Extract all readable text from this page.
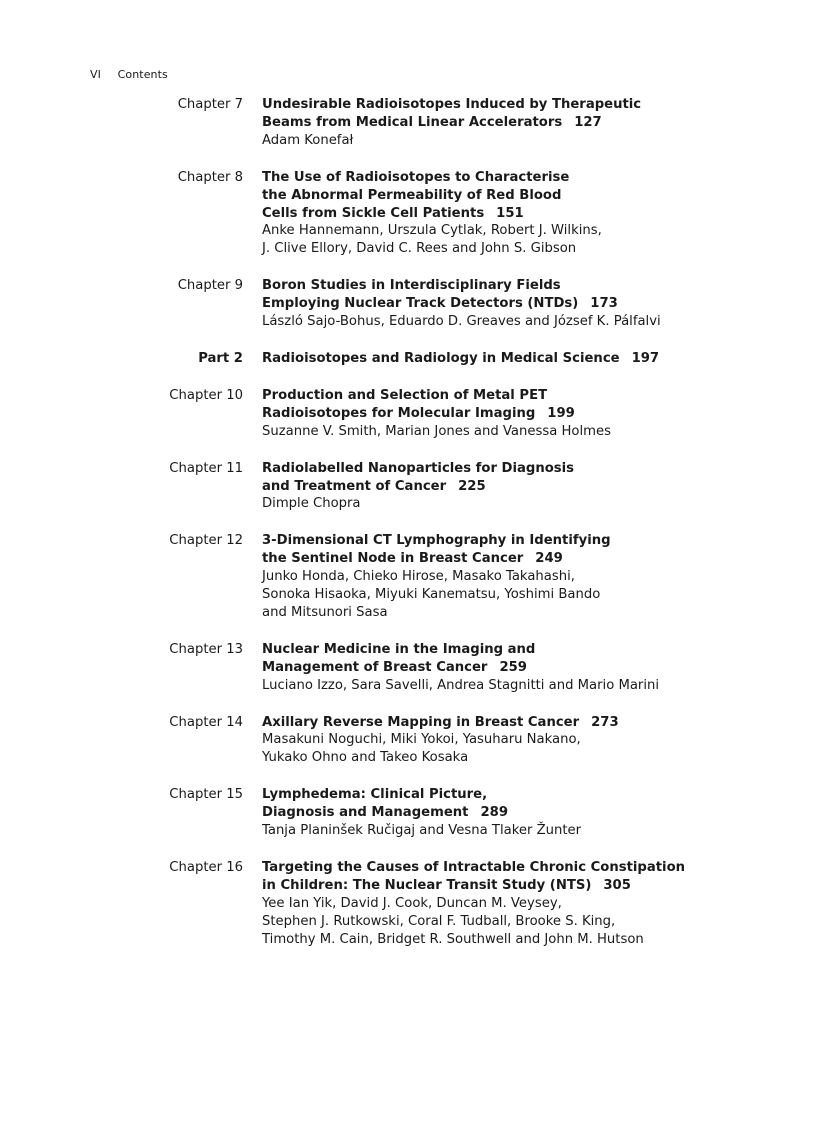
VI Contents
Chapter 7 Undesirable Radioisotopes Induced by Therapeutic
Beams from Medical Linear Accelerators 127
Adam Konefał
Chapter 8 The Use of Radioisotopes to Characterise
the Abnormal Permeability of Red Blood
Cells from Sickle Cell Patients 151
Anke Hannemann, Urszula Cytlak, Robert J. Wilkins,
J. Clive Ellory, David C. Rees and John S. Gibson
Chapter 9 Boron Studies in Interdisciplinary Fields
Employing Nuclear Track Detectors (NTDs) 173
László Sajo-Bohus, Eduardo D. Greaves and József K. Pálfalvi
Part 2 Radioisotopes and Radiology in Medical Science 197
Chapter 10 Production and Selection of Metal PET
Radioisotopes for Molecular Imaging 199
Suzanne V. Smith, Marian Jones and Vanessa Holmes
Chapter 11 Radiolabelled Nanoparticles for Diagnosis
and Treatment of Cancer 225
Dimple Chopra
Chapter 12 3-Dimensional CT Lymphography in Identifying
the Sentinel Node in Breast Cancer 249
Junko Honda, Chieko Hirose, Masako Takahashi,
Sonoka Hisaoka, Miyuki Kanematsu, Yoshimi Bando
and Mitsunori Sasa
Chapter 13 Nuclear Medicine in the Imaging and
Management of Breast Cancer 259
Luciano Izzo, Sara Savelli, Andrea Stagnitti and Mario Marini
Chapter 14 Axillary Reverse Mapping in Breast Cancer 273
Masakuni Noguchi, Miki Yokoi, Yasuharu Nakano,
Yukako Ohno and Takeo Kosaka
Chapter 15 Lymphedema: Clinical Picture,
Diagnosis and Management 289
Tanja Planinšek Ručigaj and Vesna Tlaker Žunter
Chapter 16 Targeting the Causes of Intractable Chronic Constipation
in Children: The Nuclear Transit Study (NTS) 305
Yee Ian Yik, David J. Cook, Duncan M. Veysey,
Stephen J. Rutkowski, Coral F. Tudball, Brooke S. King,
Timothy M. Cain, Bridget R. Southwell and John M. Hutson
